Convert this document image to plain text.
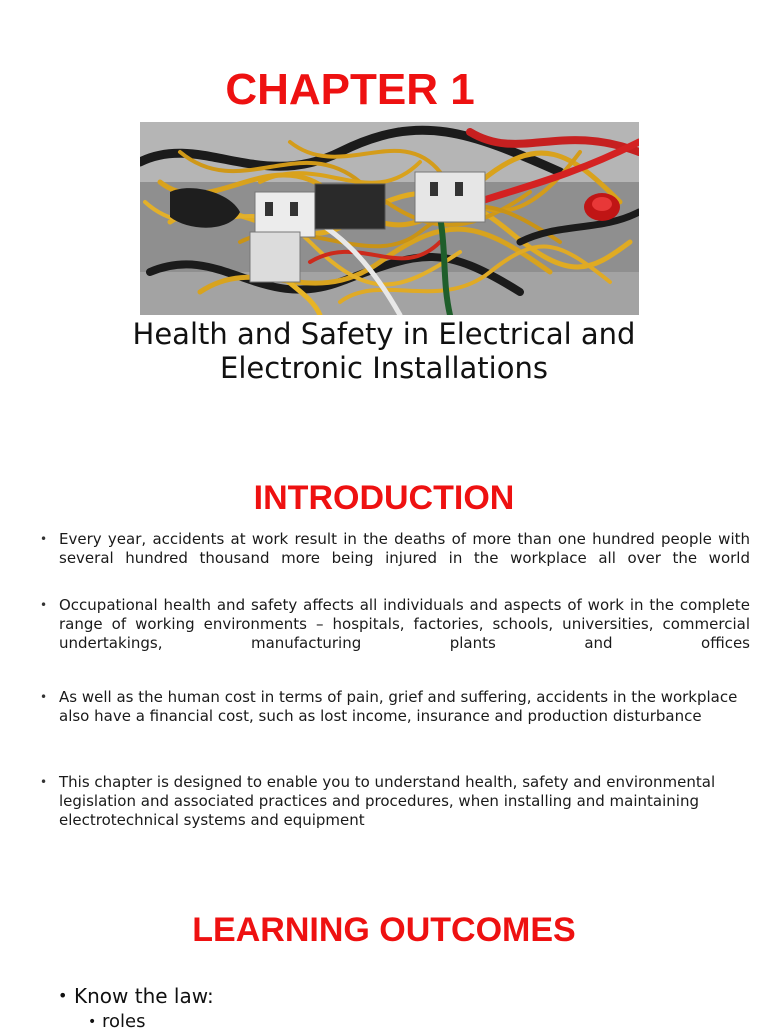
CHAPTER 1
Health and Safety in Electrical and
Electronic Installations
INTRODUCTION
• Every year, accidents at work result in the deaths of more than one hundred people with several hundred thousand more being injured in the workplace all over the world
• Occupational health and safety affects all individuals and aspects of work in the complete range of working environments – hospitals, factories, schools, universities, commercial undertakings, manufacturing plants and offices
• As well as the human cost in terms of pain, grief and suffering, accidents in the workplace also have a financial cost, such as lost income, insurance and production disturbance
• This chapter is designed to enable you to understand health, safety and environmental legislation and associated practices and procedures, when installing and maintaining electrotechnical systems and equipment
LEARNING OUTCOMES
• Know the law:
• roles
